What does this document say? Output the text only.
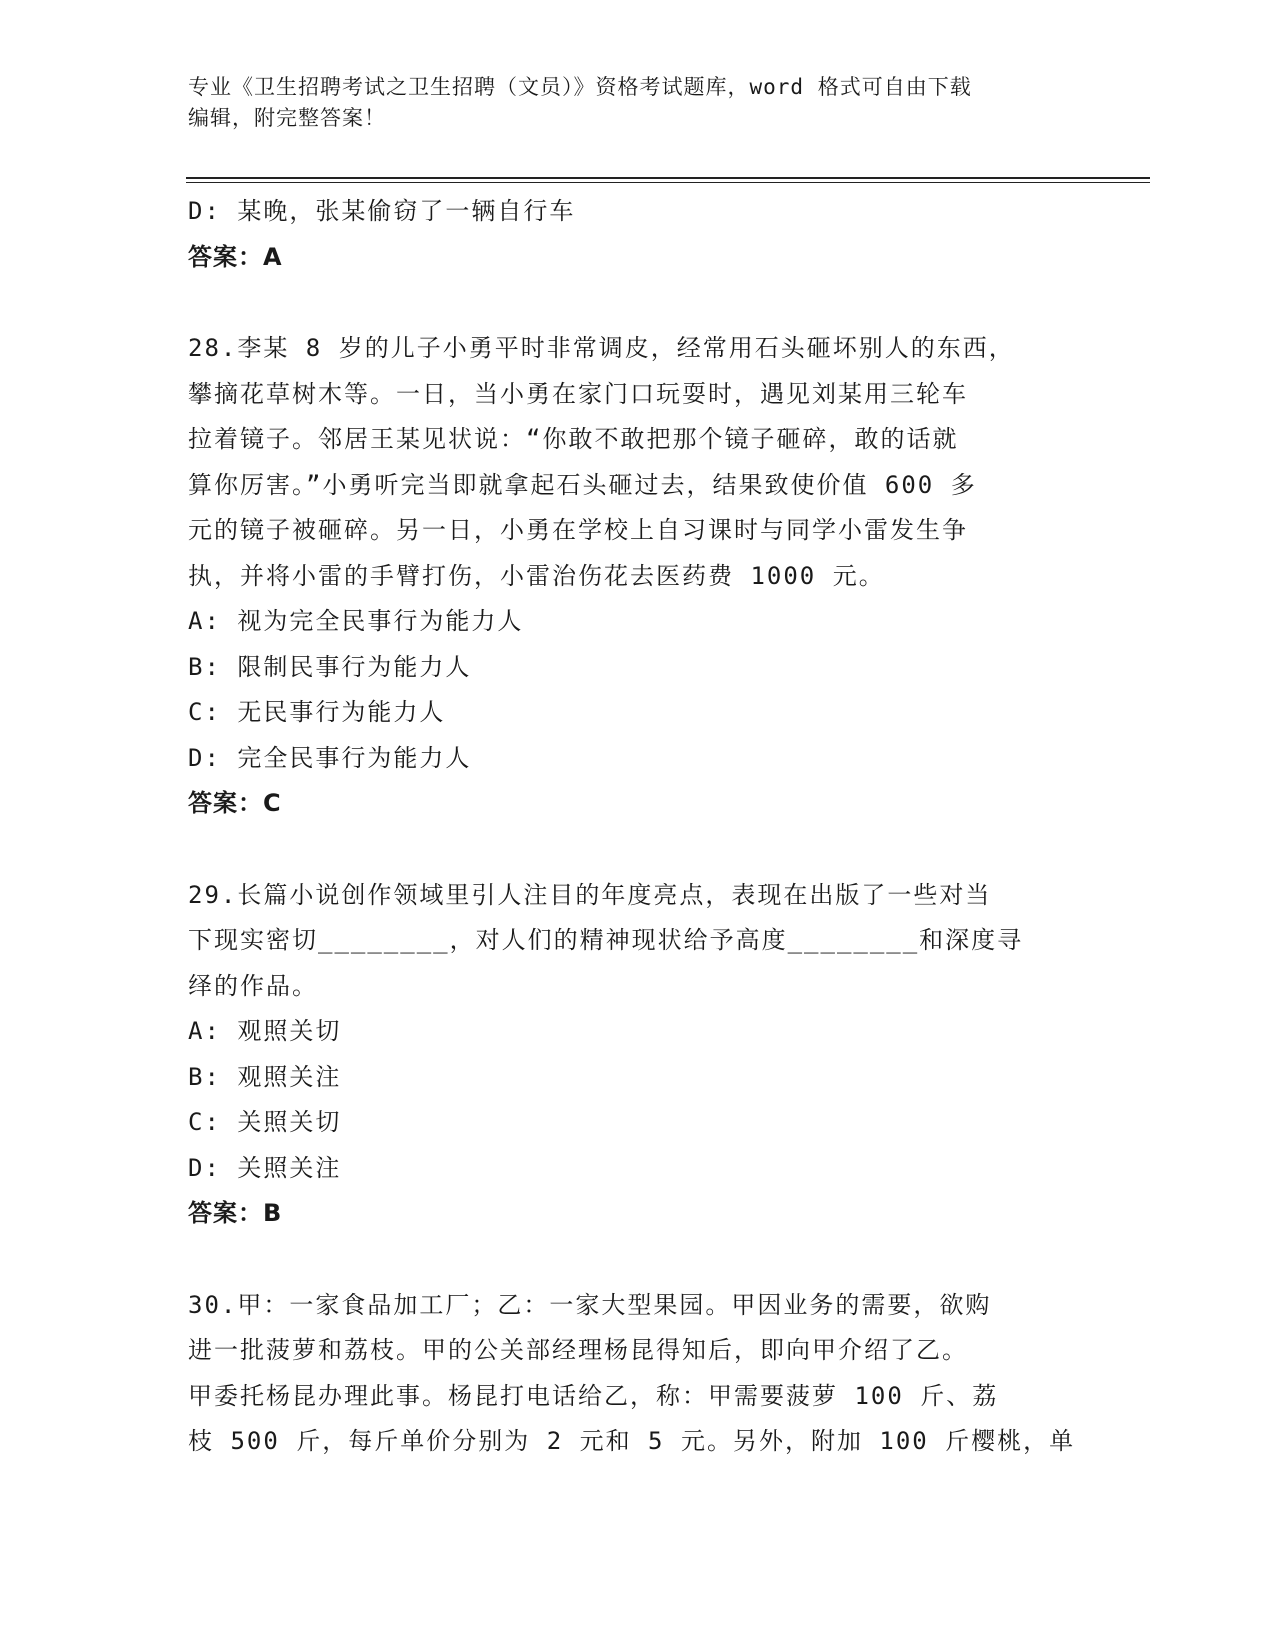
专业《卫生招聘考试之卫生招聘（文员）》资格考试题库，word 格式可自由下载
编辑，附完整答案！
D: 某晚，张某偷窃了一辆自行车
答案：A
28.李某 8 岁的儿子小勇平时非常调皮，经常用石头砸坏别人的东西，
攀摘花草树木等。一日，当小勇在家门口玩耍时，遇见刘某用三轮车
拉着镜子。邻居王某见状说：“你敢不敢把那个镜子砸碎，敢的话就
算你厉害。”小勇听完当即就拿起石头砸过去，结果致使价值 600 多
元的镜子被砸碎。另一日，小勇在学校上自习课时与同学小雷发生争
执，并将小雷的手臂打伤，小雷治伤花去医药费 1000 元。
A: 视为完全民事行为能力人
B: 限制民事行为能力人
C: 无民事行为能力人
D: 完全民事行为能力人
答案：C
29.长篇小说创作领域里引人注目的年度亮点，表现在出版了一些对当
下现实密切________，对人们的精神现状给予高度________和深度寻
绎的作品。
A: 观照关切
B: 观照关注
C: 关照关切
D: 关照关注
答案：B
30.甲：一家食品加工厂；乙：一家大型果园。甲因业务的需要，欲购
进一批菠萝和荔枝。甲的公关部经理杨昆得知后，即向甲介绍了乙。
甲委托杨昆办理此事。杨昆打电话给乙，称：甲需要菠萝 100 斤、荔
枝 500 斤，每斤单价分别为 2 元和 5 元。另外，附加 100 斤樱桃，单
